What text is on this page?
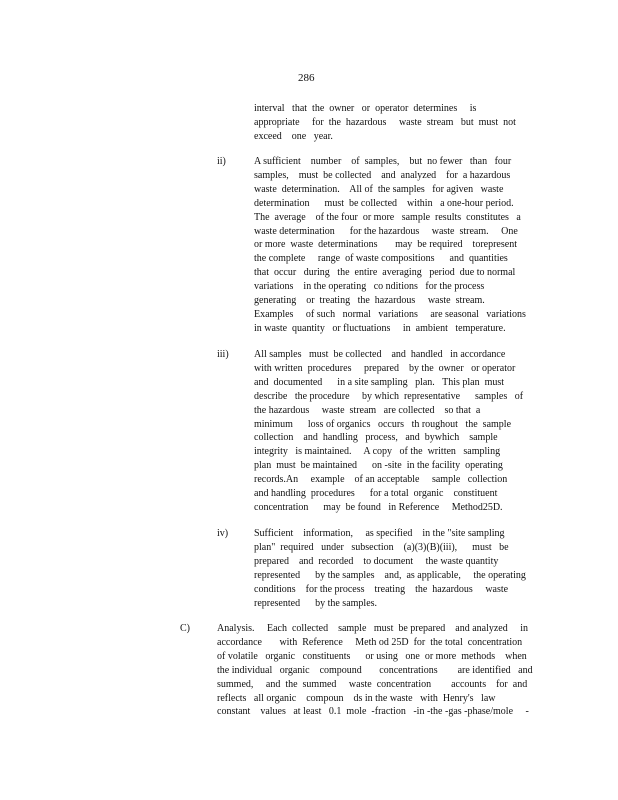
286
interval   that  the  owner   or  operator  determines     is
appropriate     for  the  hazardous     waste  stream   but  must  not
exceed    one   year.
ii)	A sufficient    number    of  samples,    but  no fewer   than   four
samples,    must  be collected    and  analyzed    for  a hazardous
waste  determination.    All of  the samples   for agiven   waste
determination      must  be collected    within   a one-hour period.
The  average    of the four  or more   sample  results  constitutes   a
waste determination      for the hazardous     waste  stream.     One
or more  waste  determinations       may  be required    torepresent
the complete     range  of waste compositions      and  quantities
that  occur   during   the  entire  averaging   period  due to normal
variations    in the operating   co nditions   for the process
generating    or  treating   the  hazardous     waste  stream.
Examples     of such   normal   variations     are seasonal   variations
in waste  quantity   or fluctuations     in  ambient   temperature.
iii)	All samples   must  be collected    and  handled   in accordance
with written  procedures     prepared    by the  owner   or operator
and  documented      in a site sampling   plan.   This plan  must
describe   the procedure     by which  representative      samples   of
the hazardous     waste  stream   are collected    so that  a
minimum      loss of organics   occurs   th roughout   the  sample
collection    and  handling   process,   and  bywhich    sample
integrity   is maintained.     A copy   of the  written   sampling
plan  must  be maintained      on -site  in the facility  operating
records.An     example    of an acceptable     sample   collection
and handling  procedures      for a total  organic    constituent
concentration      may  be found   in Reference     Method25D.
iv)	Sufficient    information,     as specified    in the "site sampling
plan"  required   under   subsection    (a)(3)(B)(iii),      must   be
prepared    and  recorded    to document     the waste quantity
represented      by the samples    and,  as applicable,     the operating
conditions    for the process    treating    the  hazardous     waste
represented      by the samples.
C)	Analysis.     Each  collected    sample   must  be prepared    and analyzed     in
accordance       with  Reference     Meth od 25D  for  the total  concentration
of volatile   organic   constituents      or using   one  or more  methods    when
the individual   organic    compound       concentrations        are identified   and
summed,     and  the  summed     waste  concentration        accounts    for  and
reflects   all organic    compoun    ds in the waste   with  Henry's   law
constant    values   at least   0.1  mole  -fraction   -in -the -gas -phase/mole     -
